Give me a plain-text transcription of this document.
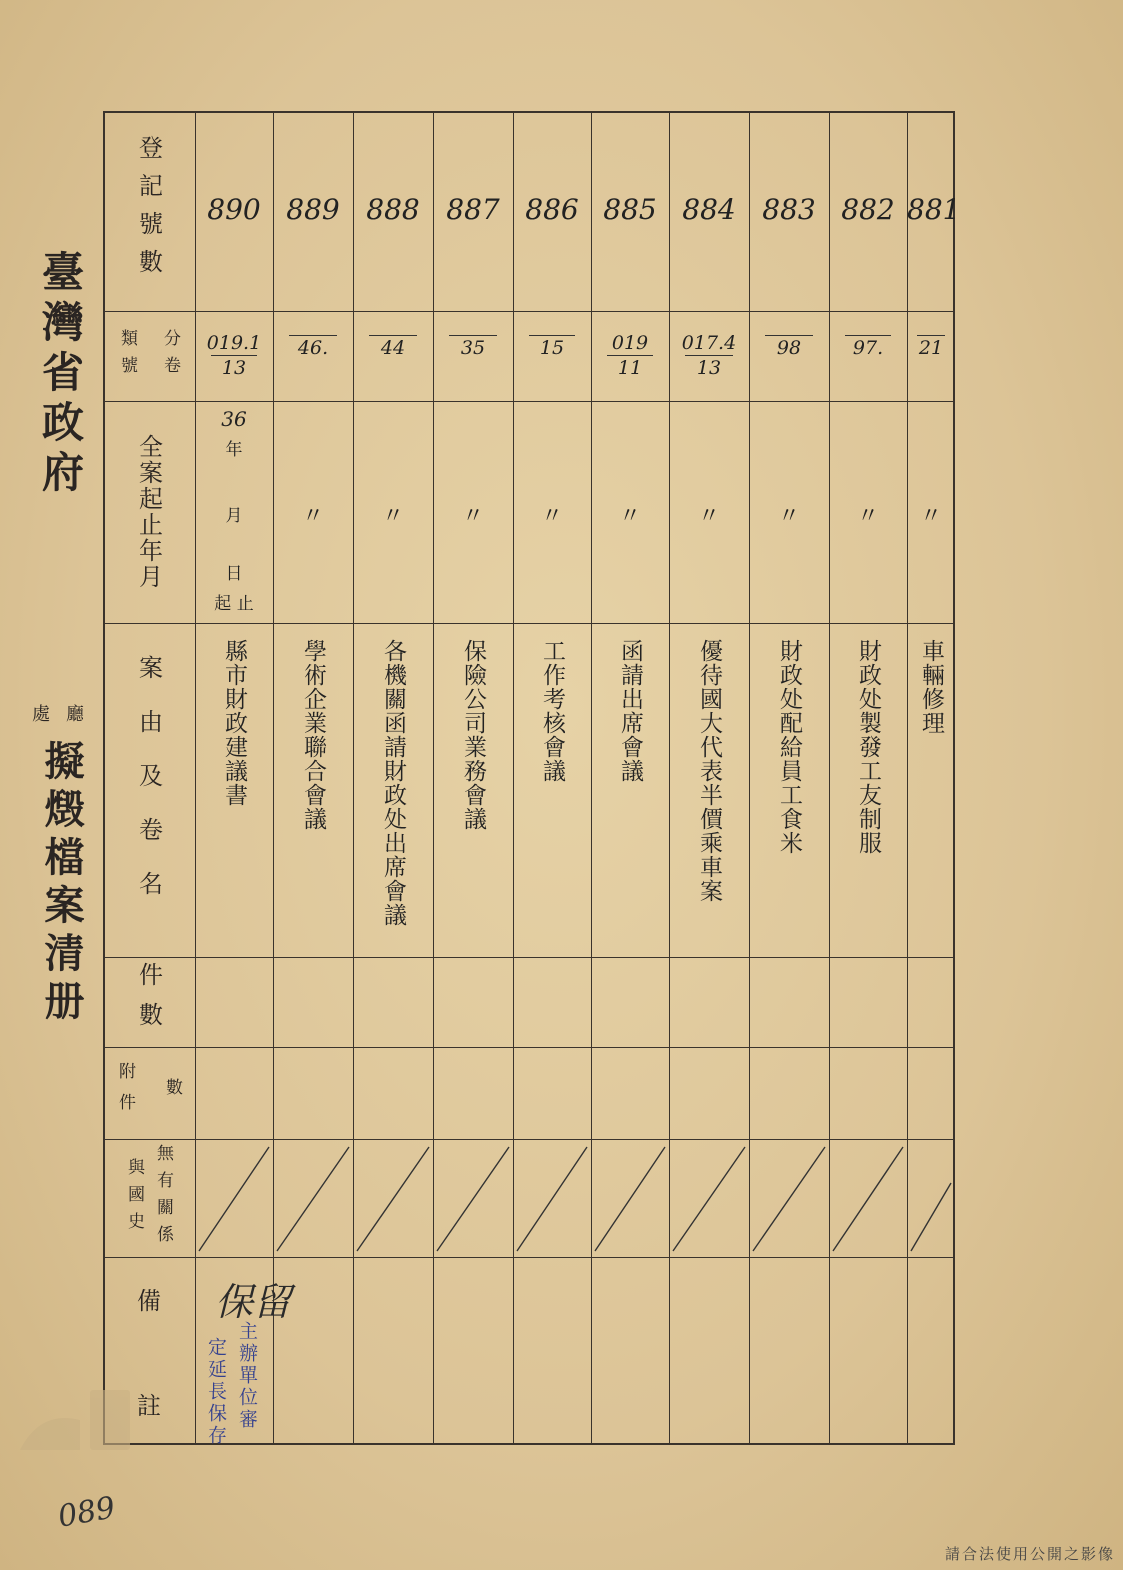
臺灣省政府
廳
處
擬燬檔案清册
登記號數
類號 分卷
全案起止年月
案由及卷名
件數
附件 數
無有關係
與國史
備
註
890
019.1
13
36
年
月
日
起 止
縣市財政建議書
889
46.
〃
學術企業聯合會議
888
44
〃
各機關函請財政处出席會議
887
35
〃
保險公司業務會議
886
15
〃
工作考核會議
885
019
11
〃
函請出席會議
884
017.4
13
〃
優待國大代表半價乘車案
883
98
〃
財政处配給員工食米
882
97.
〃
財政处製發工友制服
881
21
〃
車輛修理
保留
主辦單位審
定延長保存
089
請合法使用公開之影像
